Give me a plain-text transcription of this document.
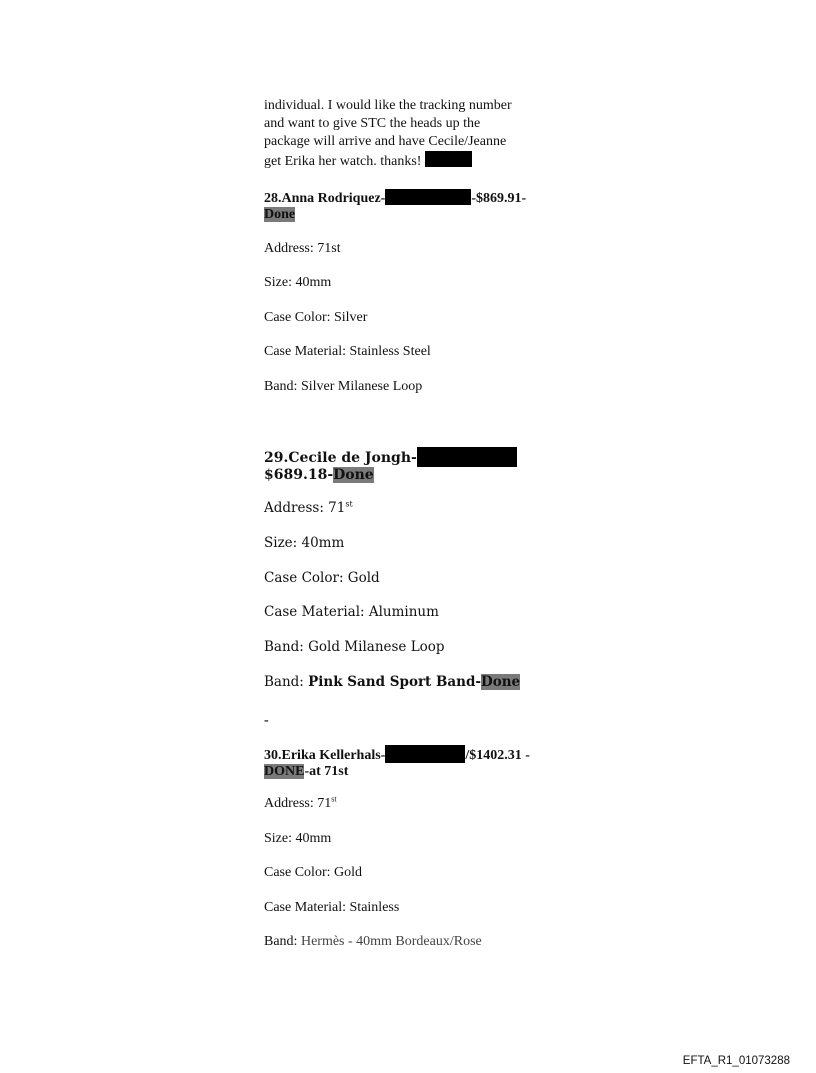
individual. I would like the tracking number

and want to give STC the heads up the

package will arrive and have Cecile/Jeanne

get Erika her watch. thanks!

28.Anna Rodriquez-	-$869.91-

Done

Address: 71st
Size: 40mm
Case Color: Silver
Case Material: Stainless Steel
Band: Silver Milanese Loop

29.Cecile de Jongh-

$689.18-Done

Address: 71st
Size: 40mm
Case Color: Gold
Case Material: Aluminum
Band: Gold Milanese Loop
Band: Pink Sand Sport Band-Done
-

30.Erika Kellerhals-	/$1402.31 -

DONE-at 71st

Address: 71st
Size: 40mm
Case Color: Gold
Case Material: Stainless
Band: Hermès - 40mm Bordeaux/Rose
EFTA_R1_01073288
